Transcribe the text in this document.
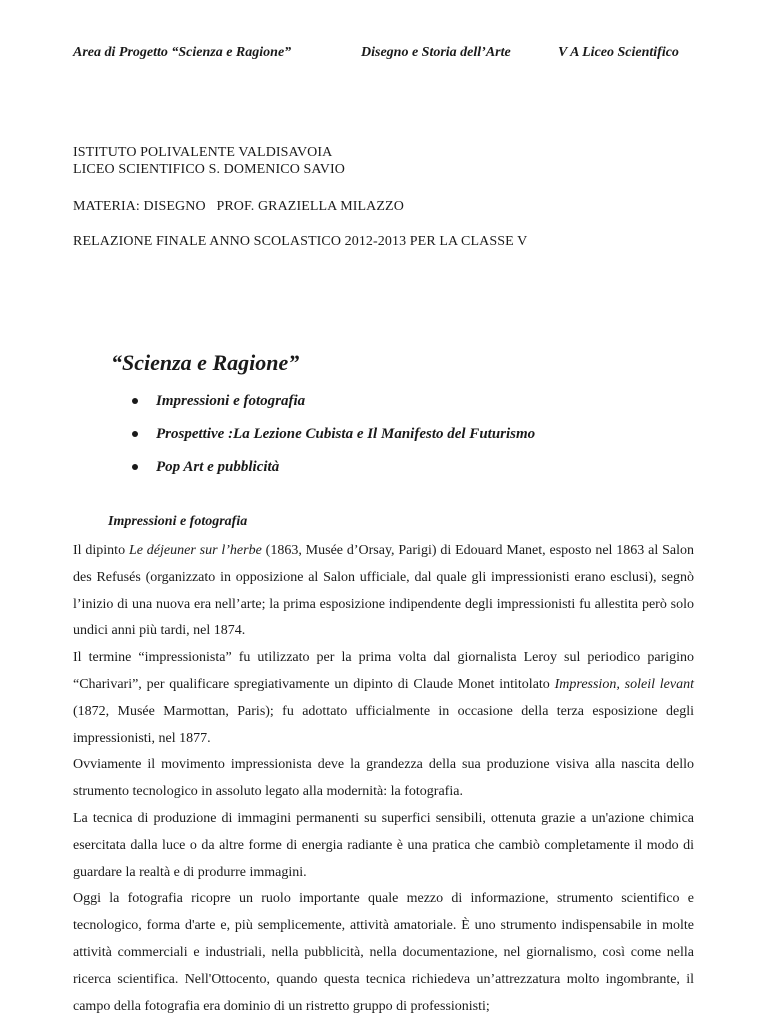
Area di Progetto “Scienza e Ragione”	Disegno e Storia dell’Arte	V A Liceo Scientifico
ISTITUTO POLIVALENTE VALDISAVOIA
LICEO SCIENTIFICO S. DOMENICO SAVIO
MATERIA: DISEGNO   PROF. GRAZIELLA MILAZZO
RELAZIONE FINALE ANNO SCOLASTICO 2012-2013 PER LA CLASSE V
“Scienza e Ragione”
Impressioni e fotografia
Prospettive :La Lezione Cubista e Il Manifesto del Futurismo
Pop Art e pubblicità
Impressioni e fotografia

Il dipinto Le déjeuner sur l’herbe (1863, Musée d’Orsay, Parigi) di Edouard Manet, esposto nel 1863 al Salon des Refusés (organizzato in opposizione al Salon ufficiale, dal quale gli impressionisti erano esclusi), segnò l’inizio di una nuova era nell’arte; la prima esposizione indipendente degli impressionisti fu allestita però solo undici anni più tardi, nel 1874.

Il termine “impressionista” fu utilizzato per la prima volta dal giornalista Leroy sul periodico parigino “Charivari”, per qualificare spregiativamente un dipinto di Claude Monet intitolato Impression, soleil levant (1872, Musée Marmottan, Paris); fu adottato ufficialmente in occasione della terza esposizione degli impressionisti, nel 1877.

Ovviamente il movimento impressionista deve la grandezza della sua produzione visiva alla nascita dello strumento tecnologico in assoluto legato alla modernità: la fotografia.

La tecnica di produzione di immagini permanenti su superfici sensibili, ottenuta grazie a un'azione chimica esercitata dalla luce o da altre forme di energia radiante è una pratica che cambiò completamente il modo di guardare la realtà e di produrre immagini.

Oggi la fotografia ricopre un ruolo importante quale mezzo di informazione, strumento scientifico e tecnologico, forma d'arte e, più semplicemente, attività amatoriale. È uno strumento indispensabile in molte attività commerciali e industriali, nella pubblicità, nella documentazione, nel giornalismo, così come nella ricerca scientifica. Nell'Ottocento, quando questa tecnica richiedeva un’attrezzatura molto ingombrante, il campo della fotografia era dominio di un ristretto gruppo di professionisti;
